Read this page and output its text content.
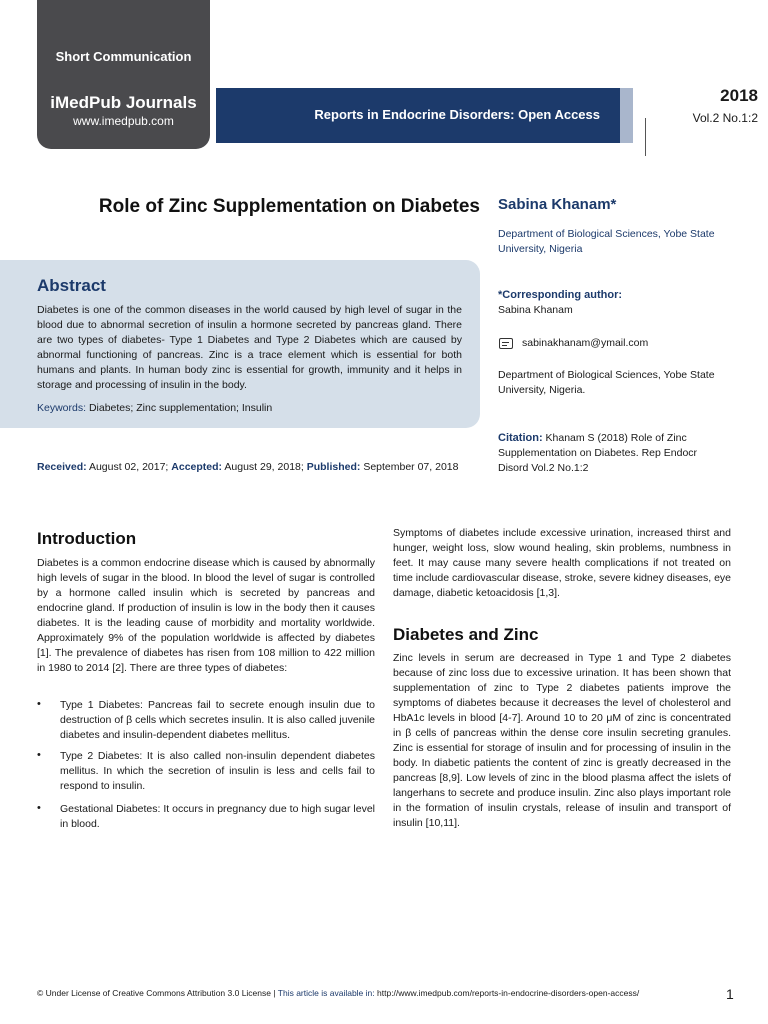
Short Communication
iMedPub Journals
www.imedpub.com	Reports in Endocrine Disorders: Open Access
2018
Vol.2 No.1:2
Role of Zinc Supplementation on Diabetes Sabina Khanam*
Department of Biological Sciences, Yobe State University, Nigeria
Abstract
Diabetes is one of the common diseases in the world caused by high level of sugar in the blood due to abnormal secretion of insulin a hormone secreted by pancreas gland. There are two types of diabetes- Type 1 Diabetes and Type 2 Diabetes which are caused by abnormal functioning of pancreas. Zinc is a trace element which is essential for both humans and plants. In human body zinc is essential for growth, immunity and it helps in storage and processing of insulin in the body.
Keywords: Diabetes; Zinc supplementation; Insulin
Received: August 02, 2017; Accepted: August 29, 2018; Published: September 07, 2018
*Corresponding author:
Sabina Khanam
sabinakhanam@ymail.com
Department of Biological Sciences, Yobe State University, Nigeria.
Citation: Khanam S (2018) Role of Zinc Supplementation on Diabetes. Rep Endocr Disord Vol.2 No.1:2
Introduction
Diabetes is a common endocrine disease which is caused by abnormally high levels of sugar in the blood. In blood the level of sugar is controlled by a hormone called insulin which is secreted by pancreas and endocrine gland. If production of insulin is low in the body then it causes diabetes. It is the leading cause of morbidity and mortality worldwide. Approximately 9% of the population worldwide is affected by diabetes [1]. The prevalence of diabetes has risen from 108 million to 422 million in 1980 to 2014 [2]. There are three types of diabetes:
• Type 1 Diabetes: Pancreas fail to secrete enough insulin due to destruction of β cells which secretes insulin. It is also called juvenile diabetes and insulin-dependent diabetes mellitus.
• Type 2 Diabetes: It is also called non-insulin dependent diabetes mellitus. In which the secretion of insulin is less and cells fail to respond to insulin.
• Gestational Diabetes: It occurs in pregnancy due to high sugar level in blood.
Symptoms of diabetes include excessive urination, increased thirst and hunger, weight loss, slow wound healing, skin problems, numbness in feet. It may cause many severe health complications if not treated on time include cardiovascular disease, stroke, severe kidney diseases, eye damage, diabetic ketoacidosis [1,3].
Diabetes and Zinc
Zinc levels in serum are decreased in Type 1 and Type 2 diabetes because of zinc loss due to excessive urination. It has been shown that supplementation of zinc to Type 2 diabetes patients improve the symptoms of diabetes because it decreases the level of cholesterol and HbA1c levels in blood [4-7]. Around 10 to 20 μM of zinc is concentrated in β cells of pancreas within the dense core insulin secreting granules. Zinc is essential for storage of insulin and for processing of insulin in the body. In diabetic patients the content of zinc is greatly decreased in the pancreas [8,9]. Low levels of zinc in the blood plasma affect the islets of langerhans to secrete and produce insulin. Zinc also plays important role in the formation of insulin crystals, release of insulin and transport of insulin [10,11].
© Under License of Creative Commons Attribution 3.0 License | This article is available in: http://www.imedpub.com/reports-in-endocrine-disorders-open-access/	1
